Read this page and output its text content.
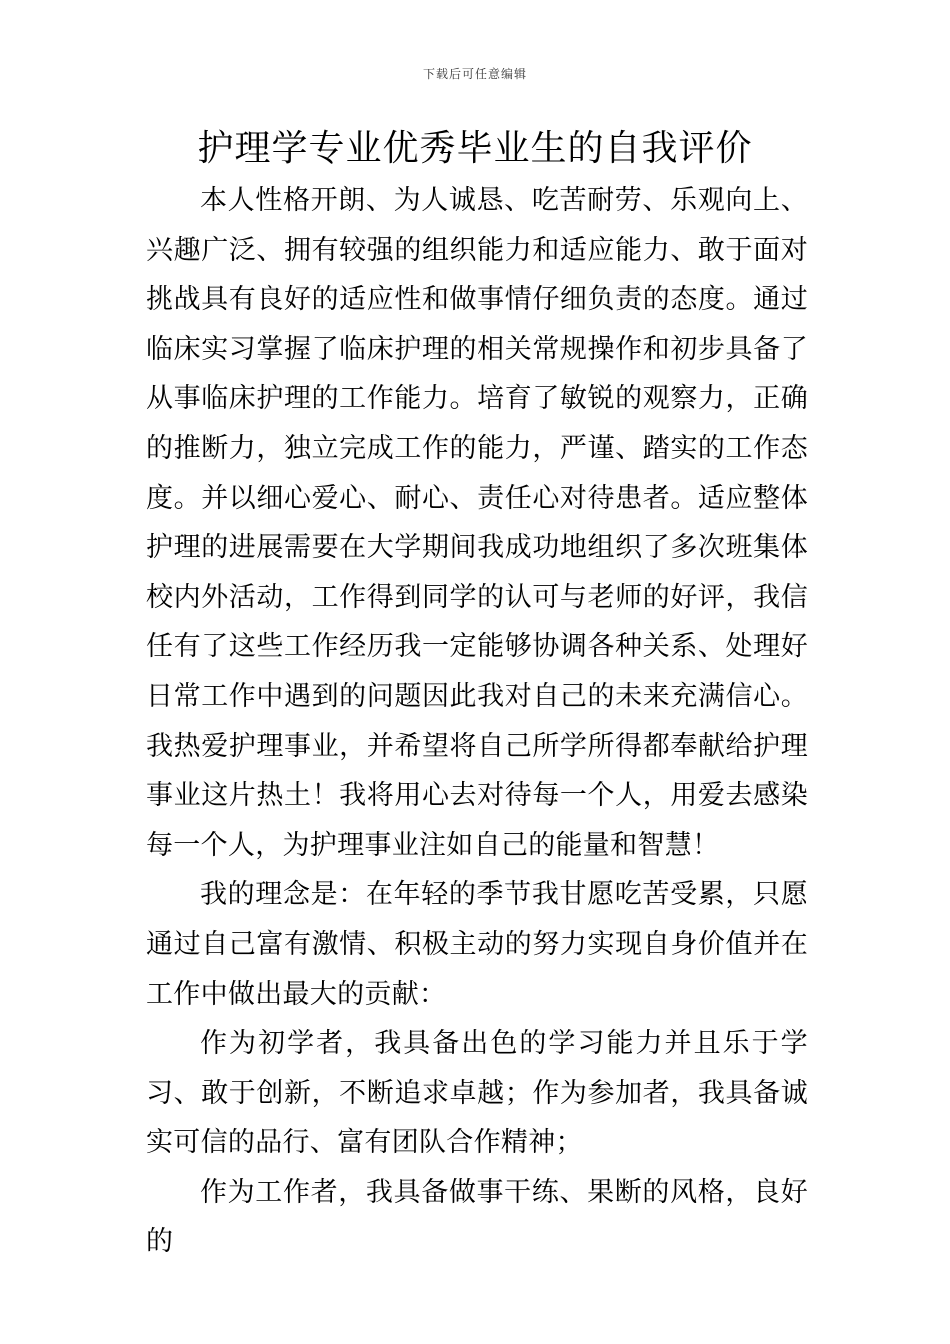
下载后可任意编辑
护理学专业优秀毕业生的自我评价

本人性格开朗、为人诚恳、吃苦耐劳、乐观向上、兴趣广泛、拥有较强的组织能力和适应能力、敢于面对挑战具有良好的适应性和做事情仔细负责的态度。通过临床实习掌握了临床护理的相关常规操作和初步具备了从事临床护理的工作能力。培育了敏锐的观察力，正确的推断力，独立完成工作的能力，严谨、踏实的工作态度。并以细心爱心、耐心、责任心对待患者。适应整体护理的进展需要在大学期间我成功地组织了多次班集体校内外活动，工作得到同学的认可与老师的好评，我信任有了这些工作经历我一定能够协调各种关系、处理好日常工作中遇到的问题因此我对自己的未来充满信心。我热爱护理事业，并希望将自己所学所得都奉献给护理事业这片热土！我将用心去对待每一个人，用爱去感染每一个人，为护理事业注如自己的能量和智慧！

我的理念是：在年轻的季节我甘愿吃苦受累，只愿通过自己富有激情、积极主动的努力实现自身价值并在工作中做出最大的贡献：

作为初学者，我具备出色的学习能力并且乐于学习、敢于创新，不断追求卓越；作为参加者，我具备诚实可信的品行、富有团队合作精神；

作为工作者，我具备做事干练、果断的风格，良好的
